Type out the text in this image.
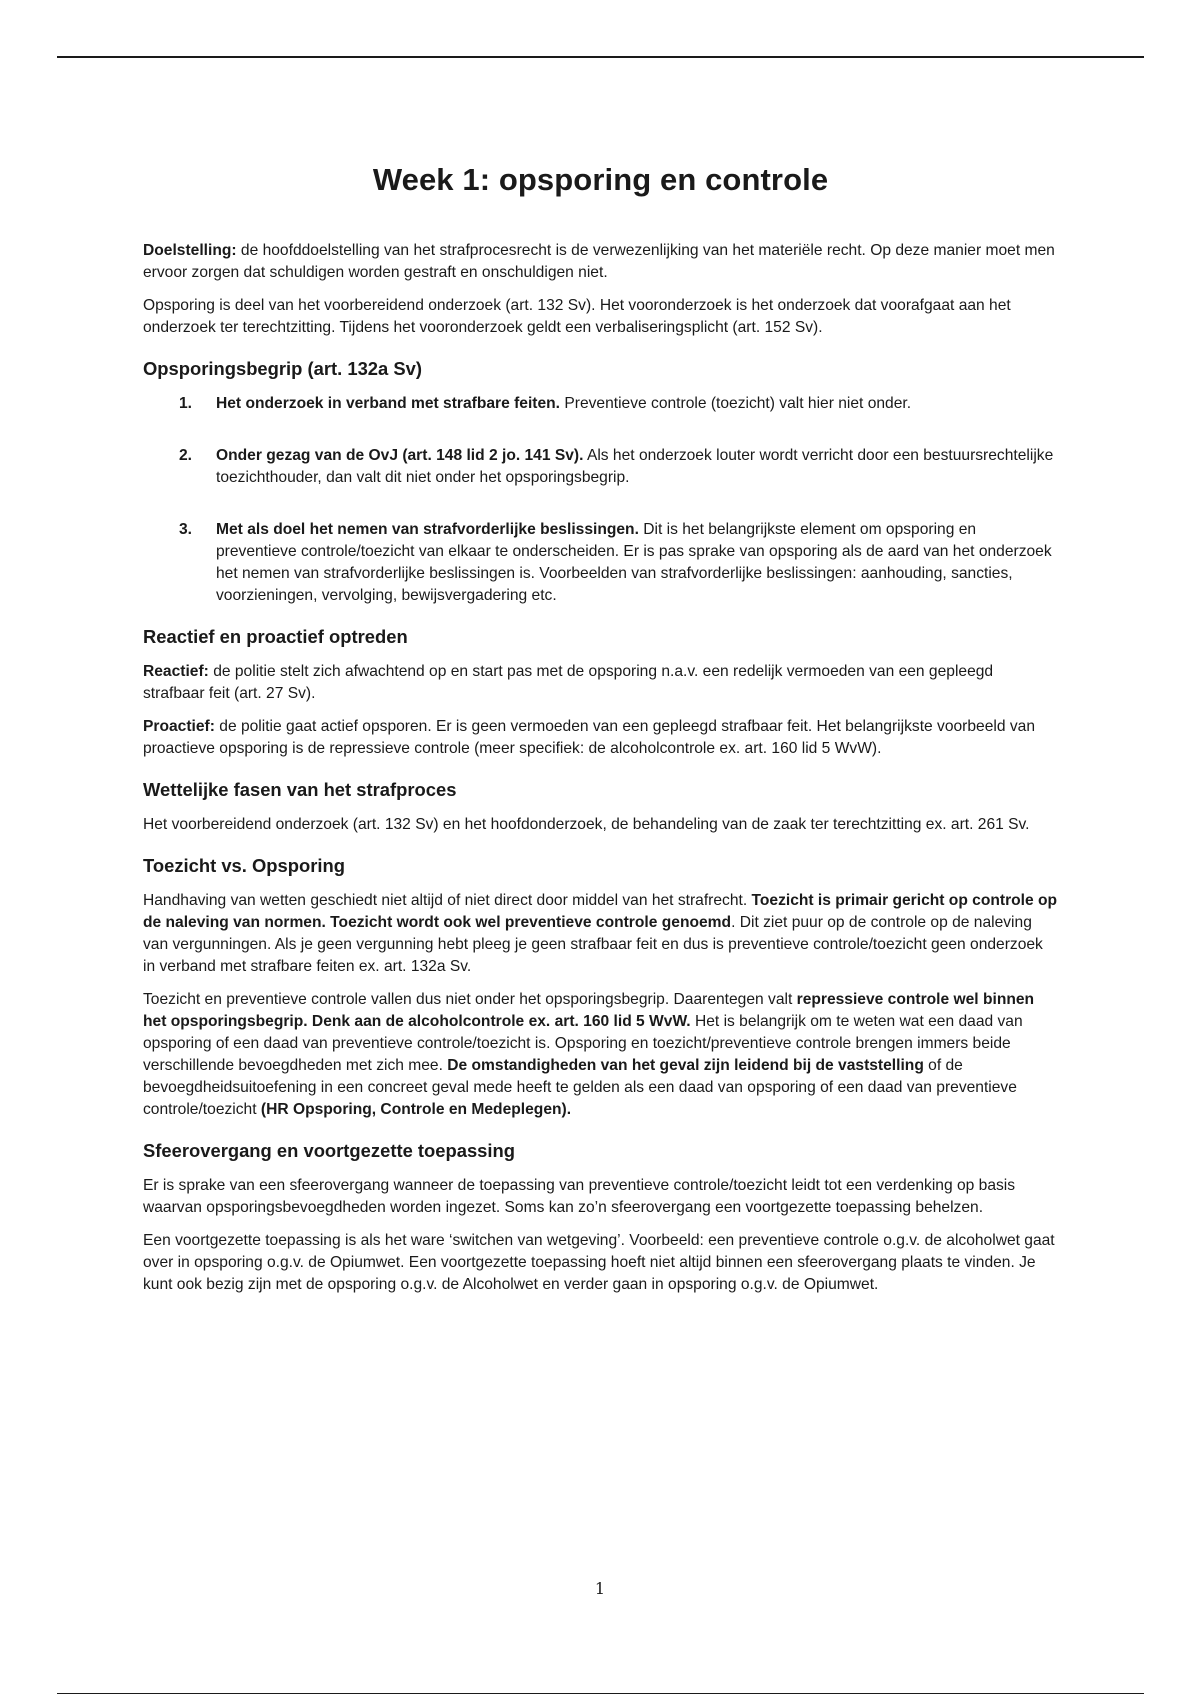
Week 1: opsporing en controle

Doelstelling: de hoofddoelstelling van het strafprocesrecht is de verwezenlijking van het materiële recht. Op deze manier moet men ervoor zorgen dat schuldigen worden gestraft en onschuldigen niet.

Opsporing is deel van het voorbereidend onderzoek (art. 132 Sv). Het vooronderzoek is het onderzoek dat voorafgaat aan het onderzoek ter terechtzitting. Tijdens het vooronderzoek geldt een verbaliseringsplicht (art. 152 Sv).

Opsporingsbegrip (art. 132a Sv)
1. Het onderzoek in verband met strafbare feiten. Preventieve controle (toezicht) valt hier niet onder.
2. Onder gezag van de OvJ (art. 148 lid 2 jo. 141 Sv). Als het onderzoek louter wordt verricht door een bestuursrechtelijke toezichthouder, dan valt dit niet onder het opsporingsbegrip.
3. Met als doel het nemen van strafvorderlijke beslissingen. Dit is het belangrijkste element om opsporing en preventieve controle/toezicht van elkaar te onderscheiden. Er is pas sprake van opsporing als de aard van het onderzoek het nemen van strafvorderlijke beslissingen is. Voorbeelden van strafvorderlijke beslissingen: aanhouding, sancties, voorzieningen, vervolging, bewijsvergadering etc.
Reactief en proactief optreden

Reactief: de politie stelt zich afwachtend op en start pas met de opsporing n.a.v. een redelijk vermoeden van een gepleegd strafbaar feit (art. 27 Sv).

Proactief: de politie gaat actief opsporen. Er is geen vermoeden van een gepleegd strafbaar feit. Het belangrijkste voorbeeld van proactieve opsporing is de repressieve controle (meer specifiek: de alcoholcontrole ex. art. 160 lid 5 WvW).

Wettelijke fasen van het strafproces

Het voorbereidend onderzoek (art. 132 Sv) en het hoofdonderzoek, de behandeling van de zaak ter terechtzitting ex. art. 261 Sv.

Toezicht vs. Opsporing

Handhaving van wetten geschiedt niet altijd of niet direct door middel van het strafrecht. Toezicht is primair gericht op controle op de naleving van normen. Toezicht wordt ook wel preventieve controle genoemd. Dit ziet puur op de controle op de naleving van vergunningen. Als je geen vergunning hebt pleeg je geen strafbaar feit en dus is preventieve controle/toezicht geen onderzoek in verband met strafbare feiten ex. art. 132a Sv.

Toezicht en preventieve controle vallen dus niet onder het opsporingsbegrip. Daarentegen valt repressieve controle wel binnen het opsporingsbegrip. Denk aan de alcoholcontrole ex. art. 160 lid 5 WvW. Het is belangrijk om te weten wat een daad van opsporing of een daad van preventieve controle/toezicht is. Opsporing en toezicht/preventieve controle brengen immers beide verschillende bevoegdheden met zich mee. De omstandigheden van het geval zijn leidend bij de vaststelling of de bevoegdheidsuitoefening in een concreet geval mede heeft te gelden als een daad van opsporing of een daad van preventieve controle/toezicht (HR Opsporing, Controle en Medeplegen).

Sfeerovergang en voortgezette toepassing

Er is sprake van een sfeerovergang wanneer de toepassing van preventieve controle/toezicht leidt tot een verdenking op basis waarvan opsporingsbevoegdheden worden ingezet. Soms kan zo’n sfeerovergang een voortgezette toepassing behelzen.

Een voortgezette toepassing is als het ware ‘switchen van wetgeving’. Voorbeeld: een preventieve controle o.g.v. de alcoholwet gaat over in opsporing o.g.v. de Opiumwet. Een voortgezette toepassing hoeft niet altijd binnen een sfeerovergang plaats te vinden. Je kunt ook bezig zijn met de opsporing o.g.v. de Alcoholwet en verder gaan in opsporing o.g.v. de Opiumwet.

1
